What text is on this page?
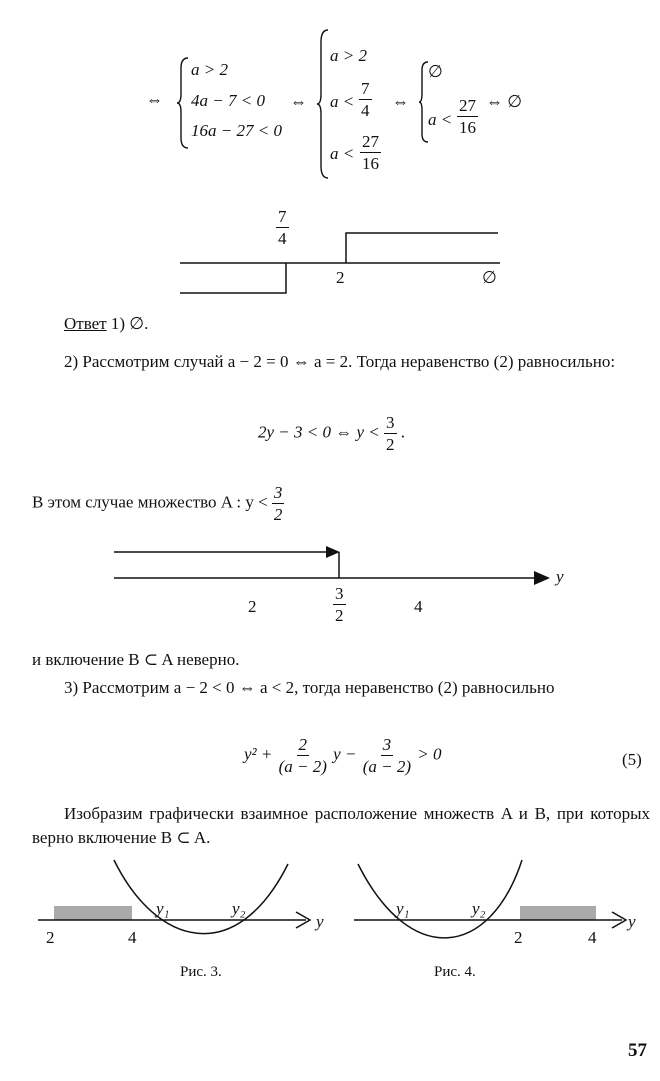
⇔
a > 2
4a − 7 < 0
16a − 27 < 0
⇔
a > 2
$a < \frac{7}{4}$
$a < \frac{27}{16}$
⇔
∅
$a < \frac{27}{16}$ ⇔ ∅
$\frac{7}{4}$
2	∅
Ответ 1) ∅.
2) Рассмотрим случай a − 2 = 0 ⇔ a = 2. Тогда неравенство (2) равносильно:
2y − 3 < 0 ⇔ $y < \frac{3}{2}$ .
В этом случае множество A : $y < \frac{3}{2}$
y
2	$\frac{3}{2}$	4
и включение B ⊂ A неверно.
3) Рассмотрим a − 2 < 0 ⇔ a < 2, тогда неравенство (2) равносильно
$y^2 + \frac{2}{(a - 2)}$ $y - \frac{3}{(a - 2)} > 0$	(5)
Изобразим графически взаимное расположение множеств A и B, при которых верно включение B ⊂ A.
y
y₁	y₂
2	4
Рис. 3.
y
y₁	y₂
2	4
Рис. 4.
57
